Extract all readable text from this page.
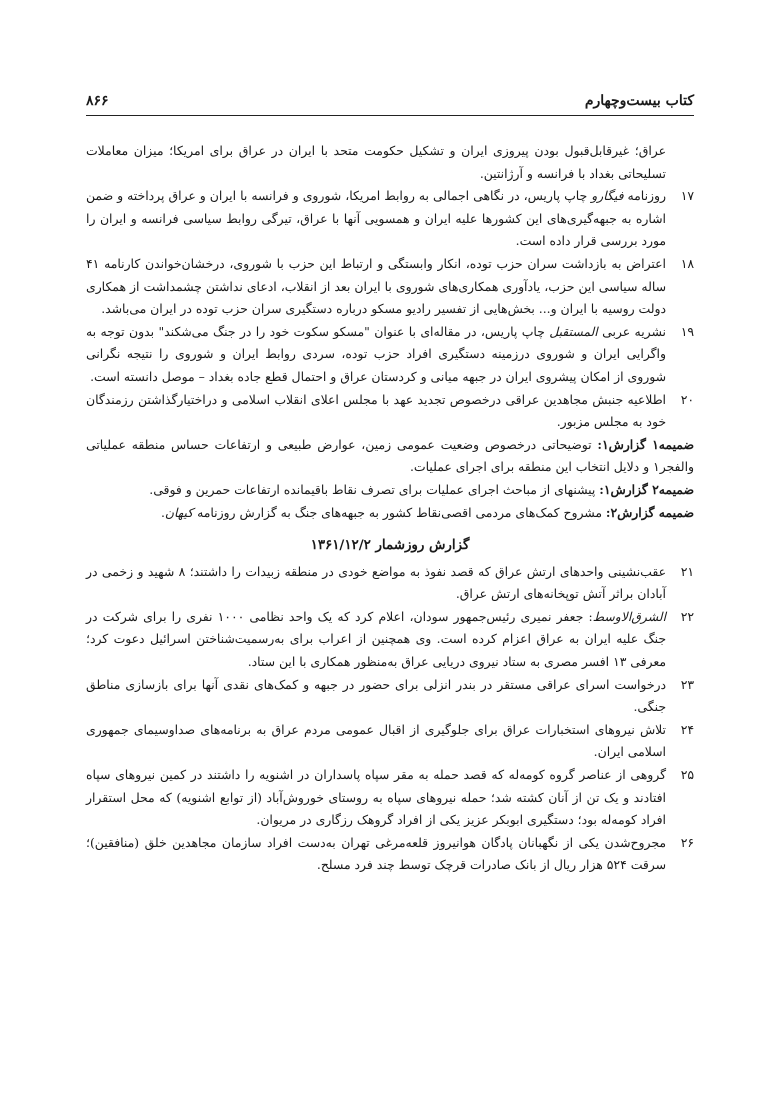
کتاب بیست‌وچهارم
۸۶۶
عراق؛ غیرقابل‌قبول بودن پیروزی ایران و تشکیل حکومت متحد با ایران در عراق برای امریکا؛ میزان معاملات تسلیحاتی بغداد با فرانسه و آرژانتین.
۱۷
روزنامه فیگارو چاپ پاریس، در نگاهی اجمالی به روابط امریکا، شوروی و فرانسه با ایران و عراق پرداخته و ضمن اشاره به جبهه‌گیری‌های این کشورها علیه ایران و همسویی آنها با عراق، تیرگی روابط سیاسی فرانسه و ایران را مورد بررسی قرار داده است.
۱۸
اعتراض به بازداشت سران حزب توده، انکار وابستگی و ارتباط این حزب با شوروی، درخشان‌خواندن کارنامه ۴۱ ساله سیاسی این حزب، یادآوری همکاری‌های شوروی با ایران بعد از انقلاب، ادعای نداشتن چشمداشت از همکاری دولت روسیه با ایران و... بخش‌هایی از تفسیر رادیو مسکو درباره دستگیری سران حزب توده در ایران می‌باشد.
۱۹
نشریه عربی المستقبل چاپ پاریس، در مقاله‌ای با عنوان "مسکو سکوت خود را در جنگ می‌شکند" بدون توجه به واگرایی ایران و شوروی درزمینه دستگیری افراد حزب توده، سردی روابط ایران و شوروی را نتیجه نگرانی شوروی از امکان پیشروی ایران در جبهه میانی و کردستان عراق و احتمال قطع جاده بغداد – موصل دانسته است.
۲۰
اطلاعیه جنبش مجاهدین عراقی درخصوص تجدید عهد با مجلس اعلای انقلاب اسلامی و دراختیارگذاشتن رزمندگان خود به مجلس مزبور.
ضمیمه۱ گزارش۱: توضیحاتی درخصوص وضعیت عمومی زمین، عوارض طبیعی و ارتفاعات حساس منطقه عملیاتی والفجر۱ و دلایل انتخاب این منطقه برای اجرای عملیات.
ضمیمه۲ گزارش۱: پیشنهای از مباحث اجرای عملیات برای تصرف نقاط باقیمانده ارتفاعات حمرین و فوقی.
ضمیمه گزارش۲: مشروح کمک‌های مردمی اقصی‌نقاط کشور به جبهه‌های جنگ به گزارش روزنامه کیهان.
گزارش روزشمار ۱۳۶۱/۱۲/۲
۲۱
عقب‌نشینی واحدهای ارتش عراق که قصد نفوذ به مواضع خودی در منطقه زبیدات را داشتند؛ ۸ شهید و زخمی در آبادان براثر آتش توپخانه‌های ارتش عراق.
۲۲
الشرق‌الاوسط: جعفر نمیری رئیس‌جمهور سودان، اعلام کرد که یک واحد نظامی ۱۰۰۰ نفری را برای شرکت در جنگ علیه ایران به عراق اعزام کرده است. وی همچنین از اعراب برای به‌رسمیت‌شناختن اسرائیل دعوت کرد؛ معرفی ۱۳ افسر مصری به ستاد نیروی دریایی عراق به‌منظور همکاری با این ستاد.
۲۳
درخواست اسرای عراقی مستقر در بندر انزلی برای حضور در جبهه و کمک‌های نقدی آنها برای بازسازی مناطق جنگی.
۲۴
تلاش نیروهای استخبارات عراق برای جلوگیری از اقبال عمومی مردم عراق به برنامه‌های صداوسیمای جمهوری اسلامی ایران.
۲۵
گروهی از عناصر گروه کومه‌له که قصد حمله به مقر سپاه پاسداران در اشنویه را داشتند در کمین نیروهای سپاه افتادند و یک تن از آنان کشته شد؛ حمله نیروهای سپاه به روستای خوروش‌آباد (از توابع اشنویه) که محل استقرار افراد کومه‌له بود؛ دستگیری ابوبکر عزیز یکی از افراد گروهک رزگاری در مریوان.
۲۶
مجروح‌شدن یکی از نگهبانان پادگان هوانیروز قلعه‌مرغی تهران به‌دست افراد سازمان مجاهدین خلق (منافقین)؛ سرقت ۵۲۴ هزار ریال از بانک صادرات قرچک توسط چند فرد مسلح.
